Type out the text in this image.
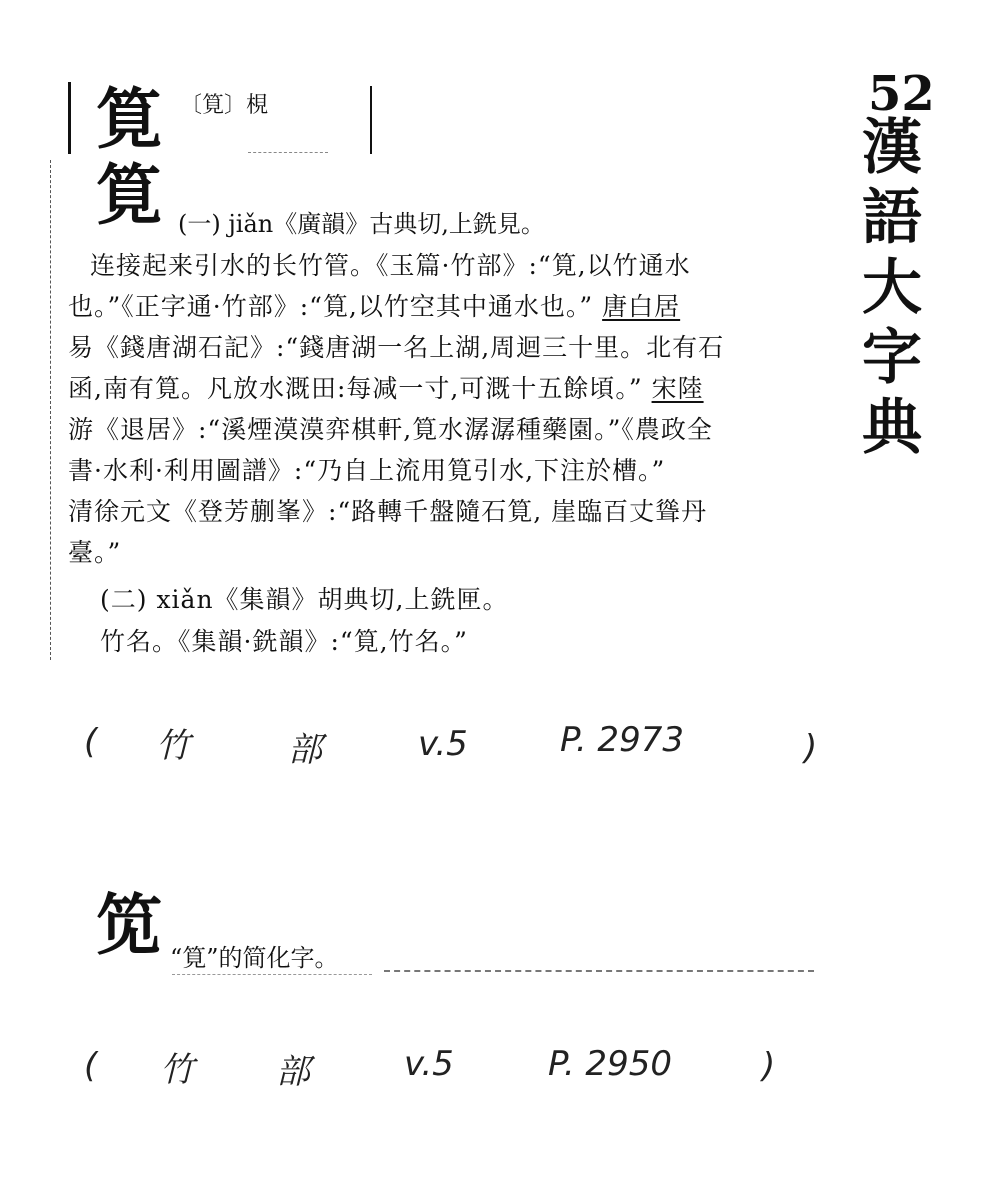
筧 〔筧〕梘
筧 (一) jiǎn《廣韻》古典切,上銑見。
连接起来引水的长竹管。《玉篇·竹部》:“筧,以竹通水
也。”《正字通·竹部》:“筧,以竹空其中通水也。” 唐白居
易《錢唐湖石記》:“錢唐湖一名上湖,周迴三十里。北有石
函,南有筧。凡放水溉田:每减一寸,可溉十五餘頃。” 宋陸
游《退居》:“溪煙漠漠弈棋軒,筧水潺潺種藥園。”《農政全
書·水利·利用圖譜》:“乃自上流用筧引水,下注於槽。”
清徐元文《登芳蒯峯》:“路轉千盤隨石筧, 崖臨百丈聳丹
臺。”
(二) xiǎn《集韻》胡典切,上銑匣。
竹名。《集韻·銑韻》:“筧,竹名。”
52
漢
語
大
字
典
( 竹	部	v.5	P. 2973	)
笕 “筧”的简化字。
( 竹 部	v.5	P. 2950	)
